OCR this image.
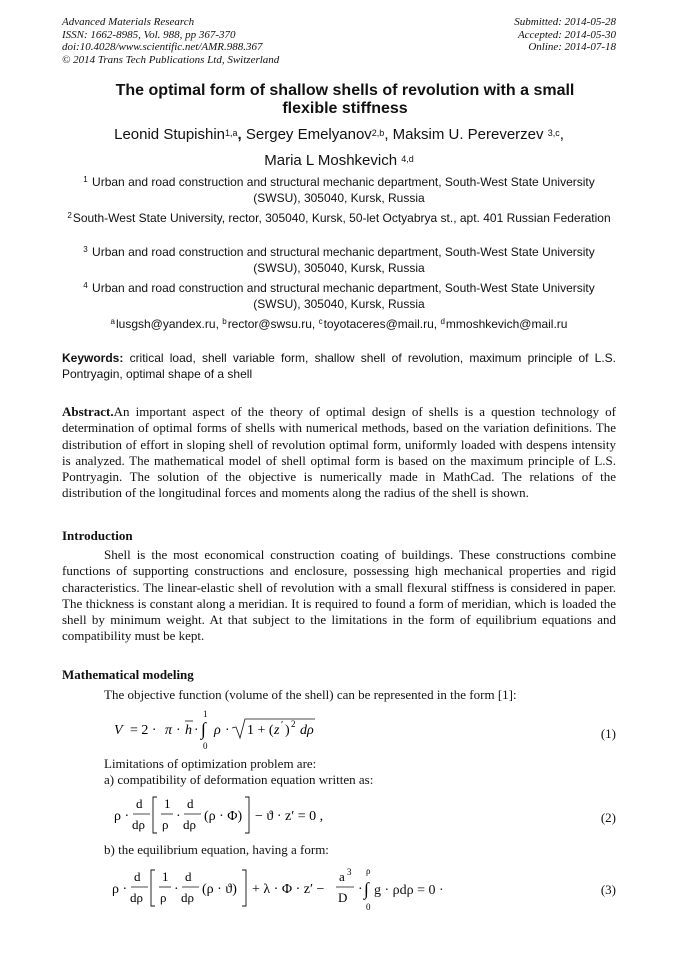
Advanced Materials Research
ISSN: 1662-8985, Vol. 988, pp 367-370
doi:10.4028/www.scientific.net/AMR.988.367
© 2014 Trans Tech Publications Ltd, Switzerland
Submitted: 2014-05-28
Accepted: 2014-05-30
Online: 2014-07-18
The optimal form of shallow shells of revolution with a small flexible stiffness
Leonid Stupishin$^{1,a}$, Sergey Emelyanov$^{2,b}$, Maksim U. Pereverzev $^{3,c}$,
Maria L Moshkevich $^{4,d}$
$^1$ Urban and road construction and structural mechanic department, South-West State University (SWSU), 305040, Kursk, Russia
$^2$South-West State University, rector, 305040, Kursk, 50-let Octyabrya st., apt. 401 Russian Federation
$^3$ Urban and road construction and structural mechanic department, South-West State University (SWSU), 305040, Kursk, Russia
$^4$ Urban and road construction and structural mechanic department, South-West State University (SWSU), 305040, Kursk, Russia
$^a$lusgsh@yandex.ru, $^b$rector@swsu.ru, $^c$toyotaceres@mail.ru, $^d$mmoshkevich@mail.ru
Keywords: critical load, shell variable form, shallow shell of revolution, maximum principle of L.S. Pontryagin, optimal shape of a shell
Abstract.An important aspect of the theory of optimal design of shells is a question technology of determination of optimal forms of shells with numerical methods, based on the variation definitions. The distribution of effort in sloping shell of revolution optimal form, uniformly loaded with despens intensity is analyzed. The mathematical model of shell optimal form is based on the maximum principle of L.S. Pontryagin. The solution of the objective is numerically made in MathCad. The relations of the distribution of the longitudinal forces and moments along the radius of the shell is shown.
Introduction
Shell is the most economical construction coating of buildings. These constructions combine functions of supporting constructions and enclosure, possessing high mechanical properties and rigid characteristics. The linear-elastic shell of revolution with a small flexural stiffness is considered in paper. The thickness is constant along a meridian. It is required to found a form of meridian, which is loaded the shell by minimum weight. At that subject to the limitations in the form of equilibrium equations and compatibility must be kept.
Mathematical modeling
The objective function (volume of the shell) can be represented in the form [1]:
V = 2 · π · h · ∫
1
0
ρ · 1 + ( z ′ ) 2 dρ	(1)
Limitations of optimization problem are:
a) compatibility of deformation equation written as:
ρ ·
d
dρ
1
ρ
·
d
dρ
(ρ · Φ) − ϑ · z′ = 0 ,	(2)
b) the equilibrium equation, having a form:
ρ ·
d
dρ
1
ρ
·
d
dρ
(ρ · ϑ) + λ · Φ · z′ −
a 3
D
· ∫
ρ
0
g · ρdρ = 0 ·	(3)
